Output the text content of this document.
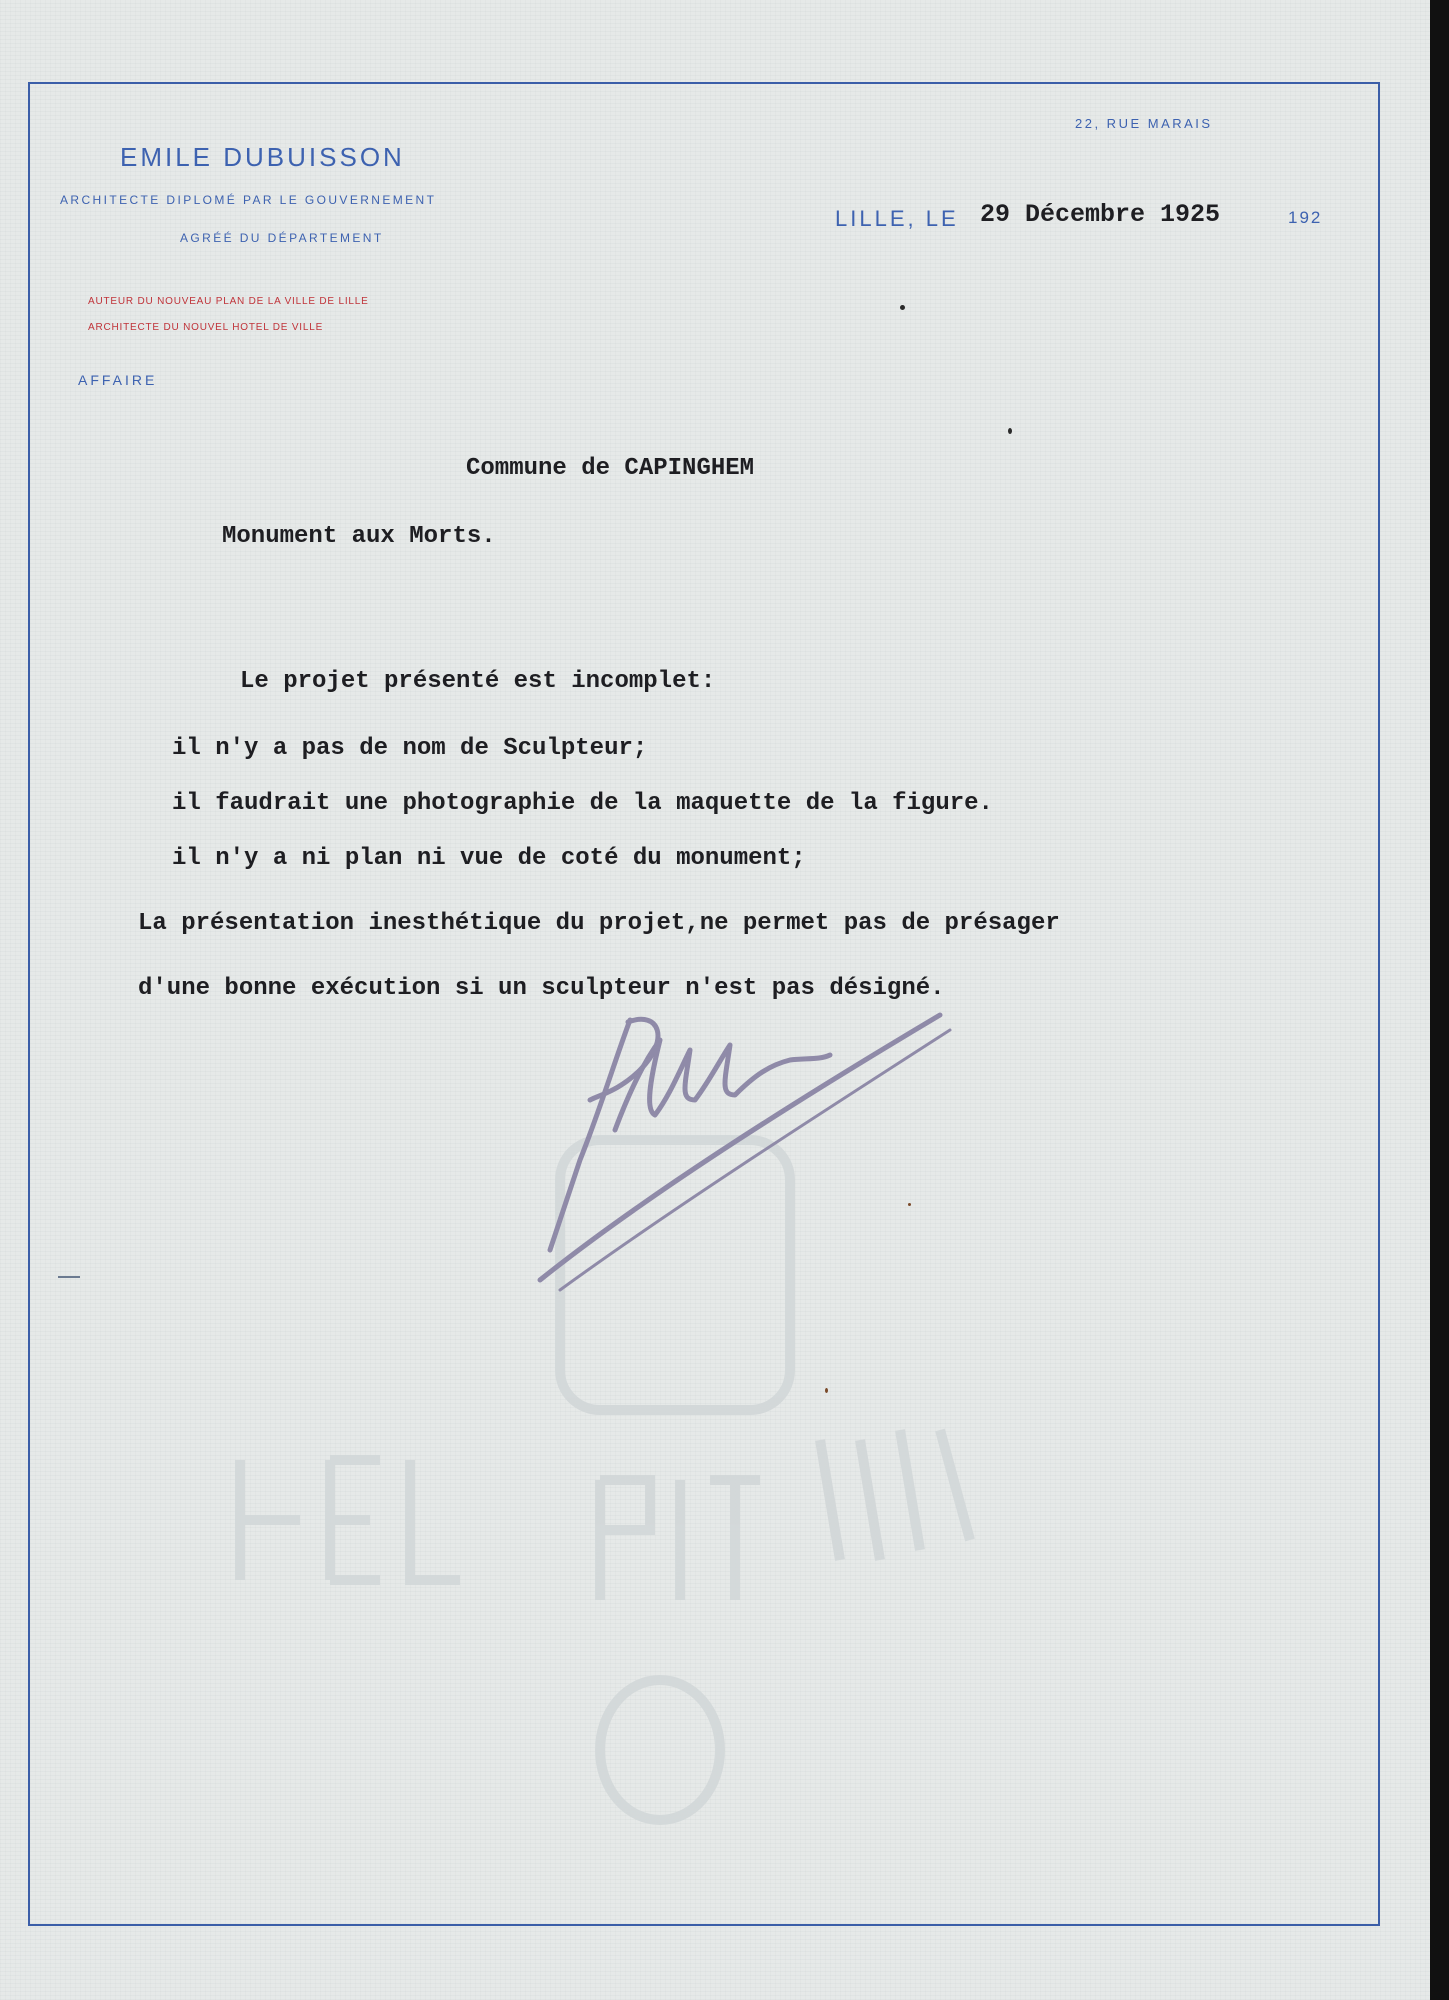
EMILE DUBUISSON
ARCHITECTE DIPLOMÉ PAR LE GOUVERNEMENT
AGRÉÉ DU DÉPARTEMENT
AUTEUR DU NOUVEAU PLAN DE LA VILLE DE LILLE
ARCHITECTE DU NOUVEL HOTEL DE VILLE
AFFAIRE
22, RUE MARAIS
LILLE, LE	192
29 Décembre 1925
Commune de CAPINGHEM
Monument aux Morts.
Le projet présenté est incomplet:
il n'y a pas de nom de Sculpteur;
il faudrait une photographie de la maquette de la figure.
il n'y a ni plan ni vue de coté du monument;
La présentation inesthétique du projet,ne permet pas de présager
d'une bonne exécution si un sculpteur n'est pas désigné.
